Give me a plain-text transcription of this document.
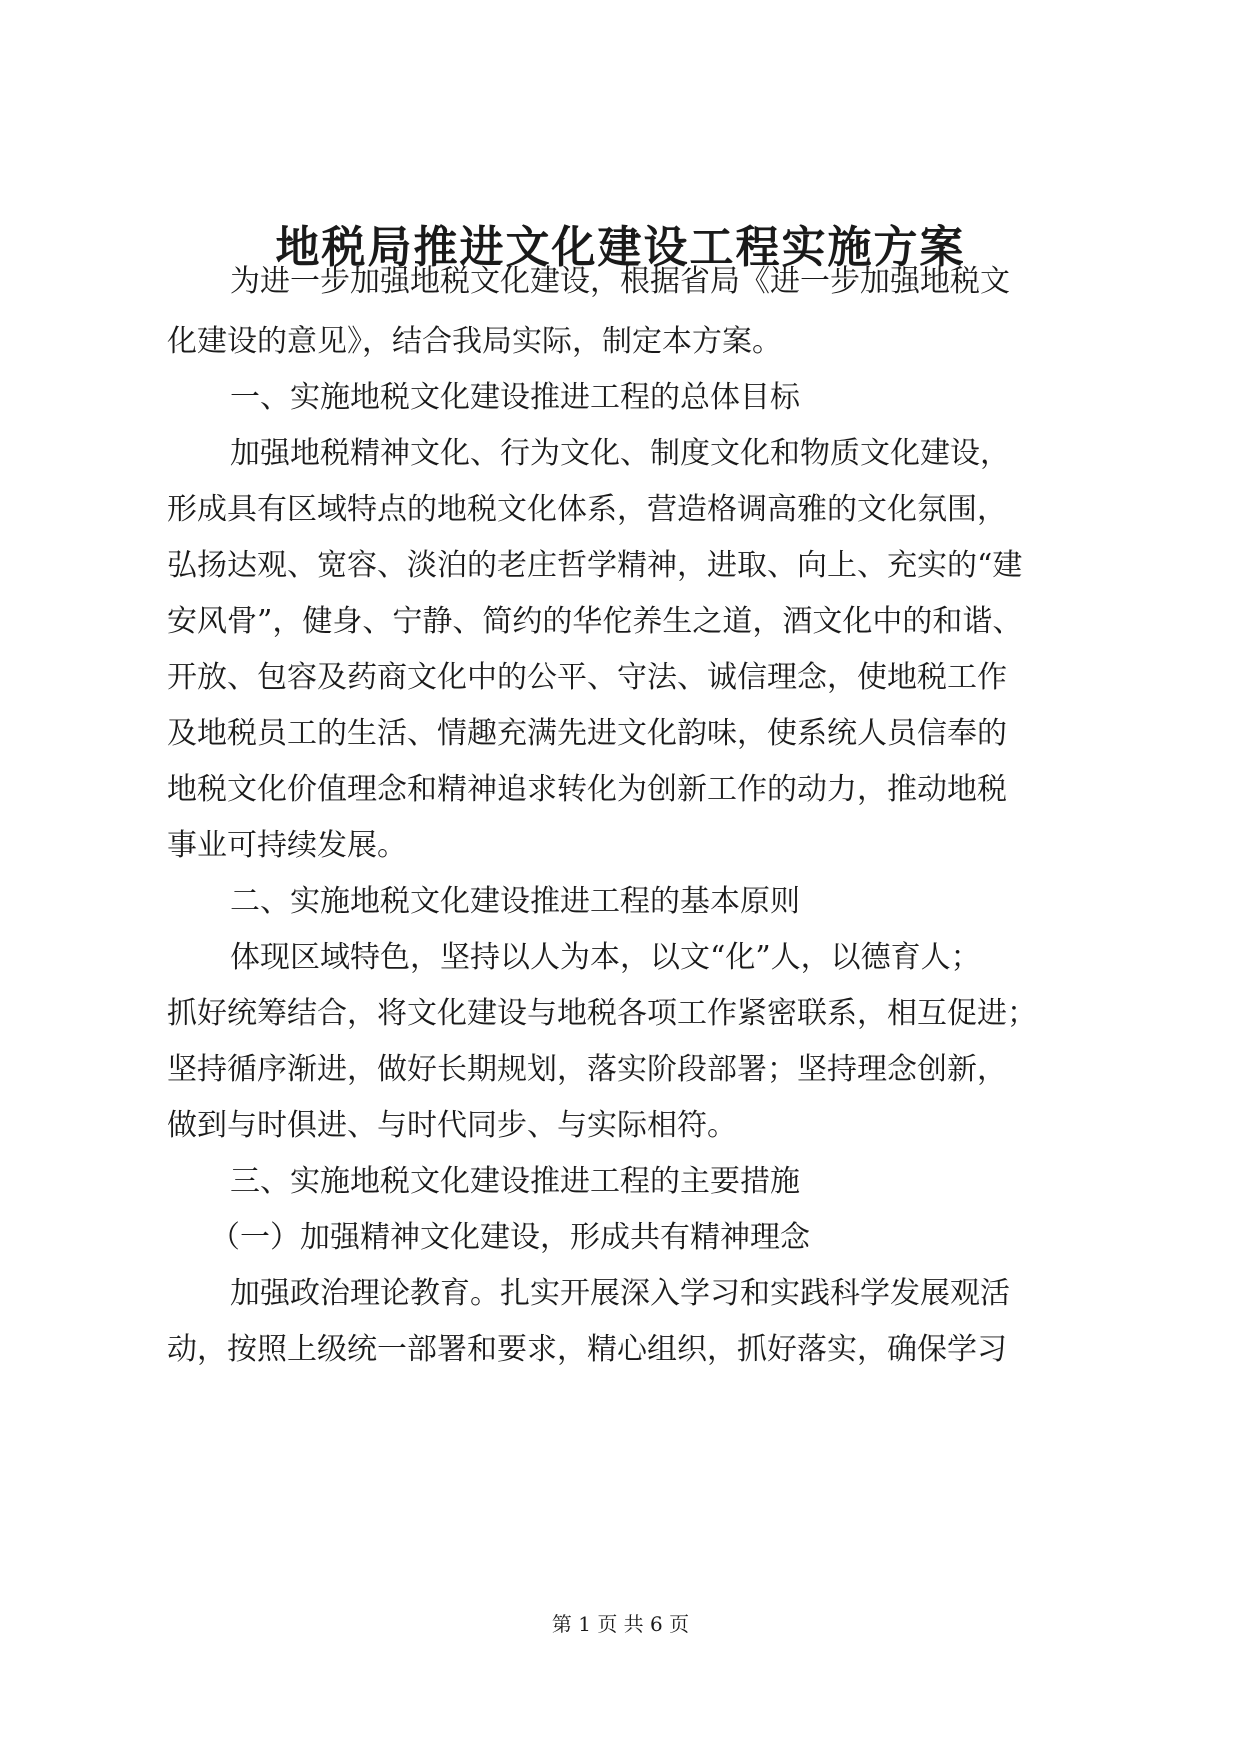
地税局推进文化建设工程实施方案

为进一步加强地税文化建设，根据省局《进一步加强地税文

化建设的意见》，结合我局实际，制定本方案。

一、实施地税文化建设推进工程的总体目标

加强地税精神文化、行为文化、制度文化和物质文化建设，

形成具有区域特点的地税文化体系，营造格调高雅的文化氛围，

弘扬达观、宽容、淡泊的老庄哲学精神，进取、向上、充实的“建

安风骨”，健身、宁静、简约的华佗养生之道，酒文化中的和谐、

开放、包容及药商文化中的公平、守法、诚信理念，使地税工作

及地税员工的生活、情趣充满先进文化韵味，使系统人员信奉的

地税文化价值理念和精神追求转化为创新工作的动力，推动地税

事业可持续发展。

二、实施地税文化建设推进工程的基本原则

体现区域特色，坚持以人为本，以文“化”人，以德育人；

抓好统筹结合，将文化建设与地税各项工作紧密联系，相互促进；

坚持循序渐进，做好长期规划，落实阶段部署；坚持理念创新，

做到与时俱进、与时代同步、与实际相符。

三、实施地税文化建设推进工程的主要措施

（一）加强精神文化建设，形成共有精神理念

加强政治理论教育。扎实开展深入学习和实践科学发展观活

动，按照上级统一部署和要求，精心组织，抓好落实，确保学习

第 1 页 共 6 页
